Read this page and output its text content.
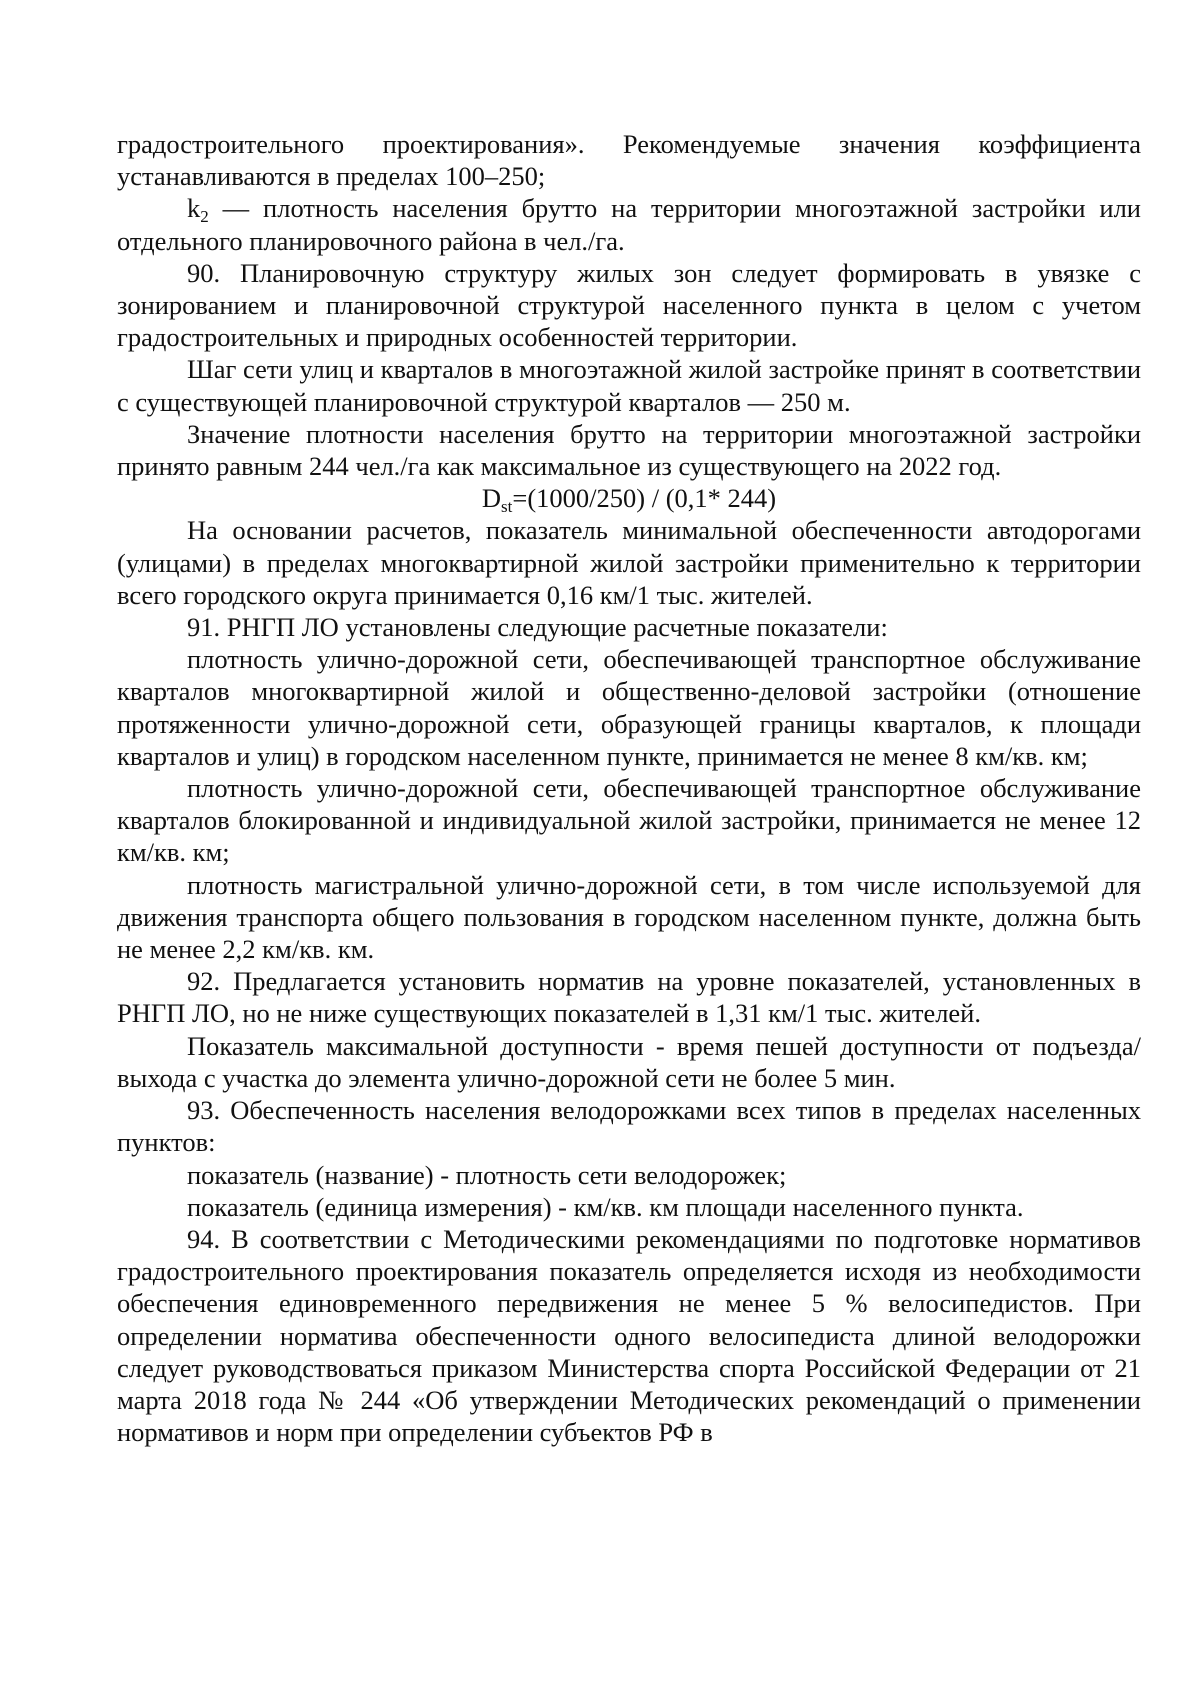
градостроительного проектирования». Рекомендуемые значения коэффициента устанавливаются в пределах 100–250;

$k_2$ — плотность населения брутто на территории многоэтажной застройки или отдельного планировочного района в чел./га.

90. Планировочную структуру жилых зон следует формировать в увязке с зонированием и планировочной структурой населенного пункта в целом с учетом градостроительных и природных особенностей территории.

Шаг сети улиц и кварталов в многоэтажной жилой застройке принят в соответствии с существующей планировочной структурой кварталов — 250 м.

Значение плотности населения брутто на территории многоэтажной застройки принято равным 244 чел./га как максимальное из существующего на 2022 год.

$D_{st}=(1000/250) / (0,1*$ 244)

На основании расчетов, показатель минимальной обеспеченности автодорогами (улицами) в пределах многоквартирной жилой застройки применительно к территории всего городского округа принимается 0,16 км/1 тыс. жителей.

91. РНГП ЛО установлены следующие расчетные показатели:

плотность улично-дорожной сети, обеспечивающей транспортное обслуживание кварталов многоквартирной жилой и общественно-деловой застройки (отношение протяженности улично-дорожной сети, образующей границы кварталов, к площади кварталов и улиц) в городском населенном пункте, принимается не менее 8 км/кв. км;

плотность улично-дорожной сети, обеспечивающей транспортное обслуживание кварталов блокированной и индивидуальной жилой застройки, принимается не менее 12 км/кв. км;

плотность магистральной улично-дорожной сети, в том числе используемой для движения транспорта общего пользования в городском населенном пункте, должна быть не менее 2,2 км/кв. км.

92. Предлагается установить норматив на уровне показателей, установленных в РНГП ЛО, но не ниже существующих показателей в 1,31 км/1 тыс. жителей.

Показатель максимальной доступности - время пешей доступности от подъезда/выхода с участка до элемента улично-дорожной сети не более 5 мин.

93. Обеспеченность населения велодорожками всех типов в пределах населенных пунктов:

показатель (название) - плотность сети велодорожек;

показатель (единица измерения) - км/кв. км площади населенного пункта.

94. В соответствии с Методическими рекомендациями по подготовке нормативов градостроительного проектирования показатель определяется исходя из необходимости обеспечения единовременного передвижения не менее 5 % велосипедистов. При определении норматива обеспеченности одного велосипедиста длиной велодорожки следует руководствоваться приказом Министерства спорта Российской Федерации от 21 марта 2018 года № 244 «Об утверждении Методических рекомендаций о применении нормативов и норм при определении субъектов РФ в
